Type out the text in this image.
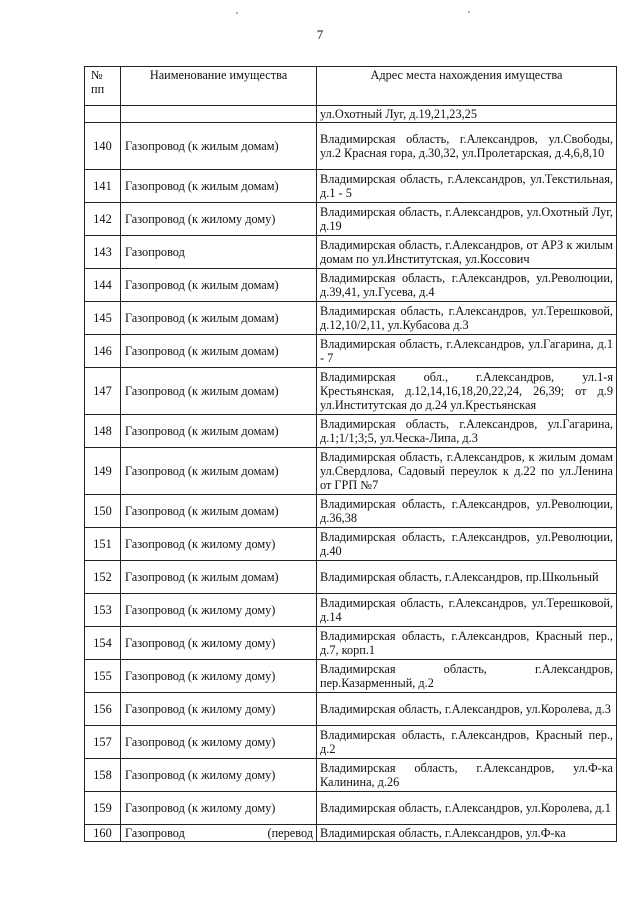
7
№
пп	Наименование имущества	Адрес места нахождения имущества
		ул.Охотный Луг, д.19,21,23,25
140	Газопровод (к жилым домам)	Владимирская область, г.Александров, ул.Свободы, ул.2 Красная гора, д.30,32, ул.Пролетарская, д.4,6,8,10
141	Газопровод (к жилым домам)	Владимирская область, г.Александров, ул.Текстильная, д.1 - 5
142	Газопровод (к жилому дому)	Владимирская область, г.Александров, ул.Охотный Луг, д.19
143	Газопровод	Владимирская область, г.Александров, от АРЗ к жилым домам по ул.Институтская, ул.Коссович
144	Газопровод (к жилым домам)	Владимирская область, г.Александров, ул.Революции, д.39,41, ул.Гусева, д.4
145	Газопровод (к жилым домам)	Владимирская область, г.Александров, ул.Терешковой, д.12,10/2,11, ул.Кубасова д.3
146	Газопровод (к жилым домам)	Владимирская область, г.Александров, ул.Гагарина, д.1 - 7
147	Газопровод (к жилым домам)	Владимирская обл., г.Александров, ул.1-я Крестьянская, д.12,14,16,18,20,22,24, 26,39; от д.9 ул.Институтская до д.24 ул.Крестьянская
148	Газопровод (к жилым домам)	Владимирская область, г.Александров, ул.Гагарина, д.1;1/1;3;5, ул.Ческа-Липа, д.3
149	Газопровод (к жилым домам)	Владимирская область, г.Александров, к жилым домам ул.Свердлова, Садовый переулок к д.22 по ул.Ленина от ГРП №7
150	Газопровод (к жилым домам)	Владимирская область, г.Александров, ул.Революции, д.36,38
151	Газопровод (к жилому дому)	Владимирская область, г.Александров, ул.Революции, д.40
152	Газопровод (к жилым домам)	Владимирская область, г.Александров, пр.Школьный
153	Газопровод (к жилому дому)	Владимирская область, г.Александров, ул.Терешковой, д.14
154	Газопровод (к жилому дому)	Владимирская область, г.Александров, Красный пер., д.7, корп.1
155	Газопровод (к жилому дому)	Владимирская область, г.Александров, пер.Казарменный, д.2
156	Газопровод (к жилому дому)	Владимирская область, г.Александров, ул.Королева, д.3
157	Газопровод (к жилому дому)	Владимирская область, г.Александров, Красный пер., д.2
158	Газопровод (к жилому дому)	Владимирская область, г.Александров, ул.Ф-ка Калинина, д.26
159	Газопровод (к жилому дому)	Владимирская область, г.Александров, ул.Королева, д.1
160	Газопровод (перевод	Владимирская область, г.Александров, ул.Ф-ка
